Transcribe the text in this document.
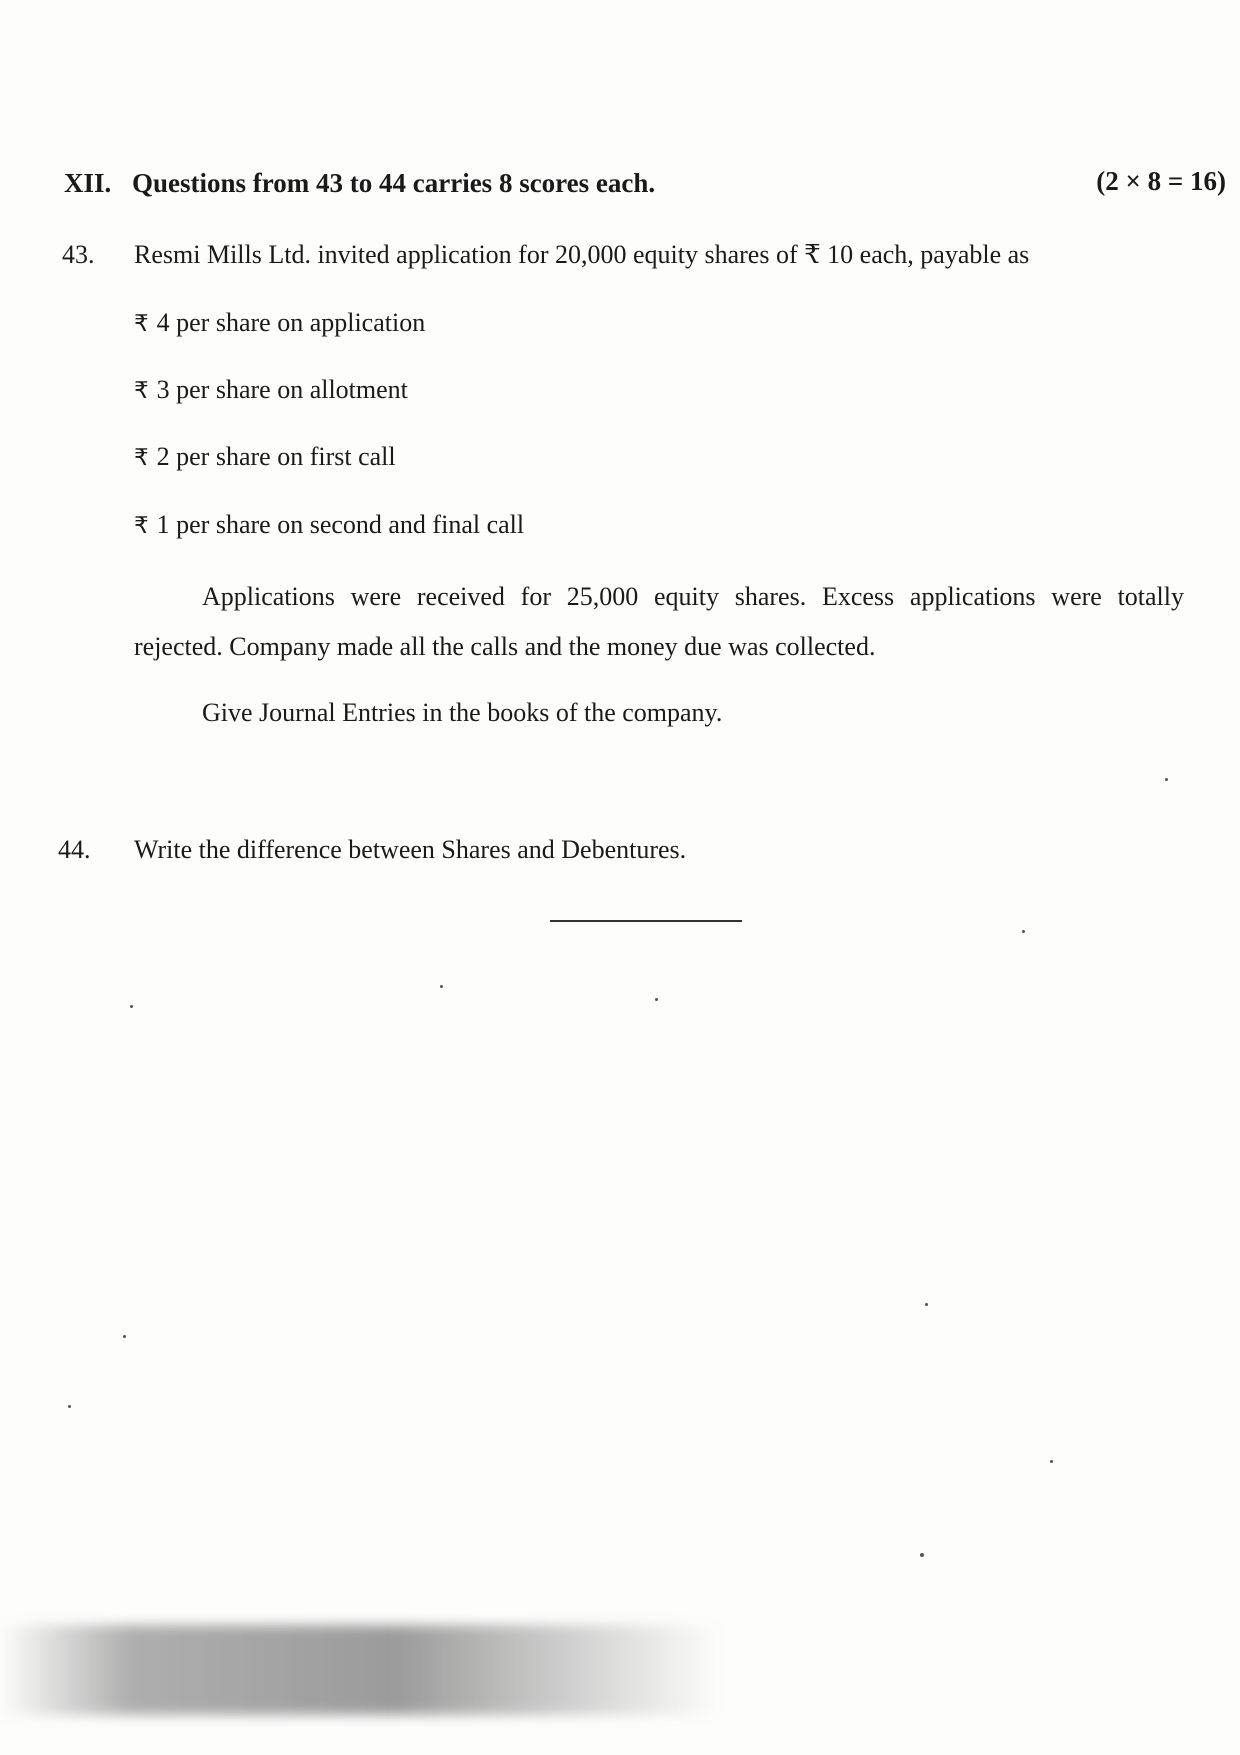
XII. Questions from 43 to 44 carries 8 scores each.	(2 × 8 = 16)
43. Resmi Mills Ltd. invited application for 20,000 equity shares of ₹ 10 each, payable as
₹ 4 per share on application
₹ 3 per share on allotment
₹ 2 per share on first call
₹ 1 per share on second and final call
Applications were received for 25,000 equity shares. Excess applications were totally rejected. Company made all the calls and the money due was collected.
Give Journal Entries in the books of the company.
44. Write the difference between Shares and Debentures.
